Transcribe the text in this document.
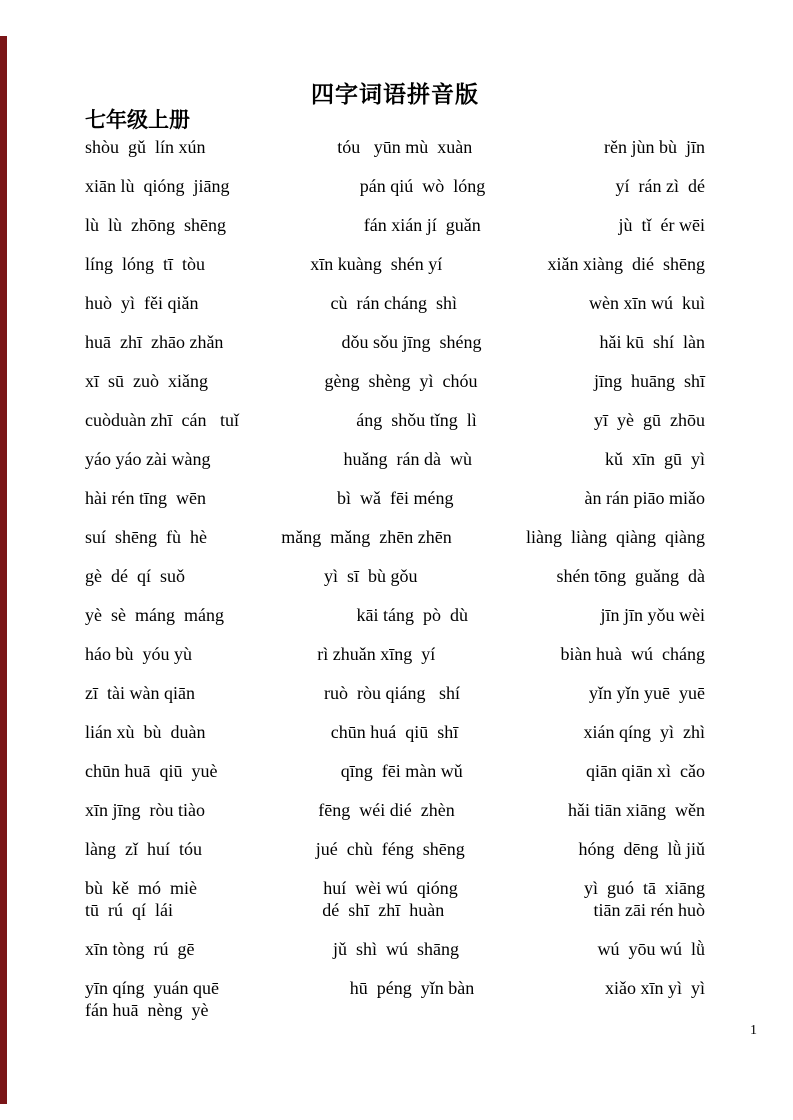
四字词语拼音版
七年级上册
shòu  gǔ  lín xún	tóu   yūn mù  xuàn	rěn jùn bù  jīn
xiān lù  qióng  jiāng	pán qiú  wò  lóng	yí  rán zì  dé
lù  lù  zhōng  shēng	fán xián jí  guǎn	jù  tǐ  ér wēi
líng  lóng  tī  tòu	xīn kuàng  shén yí	xiǎn xiàng  dié  shēng
huò  yì  fěi qiǎn	cù  rán cháng  shì	wèn xīn wú  kuì
huā  zhī  zhāo zhǎn	dǒu sǒu jīng  shéng	hǎi kū  shí  làn
xī  sū  zuò  xiǎng	gèng  shèng  yì  chóu	jīng  huāng  shī
cuòduàn zhī  cán   tuǐ	áng  shǒu tǐng  lì	yī  yè  gū  zhōu
yáo yáo zài wàng	huǎng  rán dà  wù	kǔ  xīn  gū  yì
hài rén tīng  wēn	bì  wǎ  fēi méng	àn rán piāo miǎo
suí  shēng  fù  hè	mǎng  mǎng  zhēn zhēn	liàng  liàng  qiàng  qiàng
gè  dé  qí  suǒ	yì  sī  bù gǒu	shén tōng  guǎng  dà
yè  sè  máng  máng	kāi táng  pò  dù	jīn jīn yǒu wèi
háo bù  yóu yù	rì zhuǎn xīng  yí	biàn huà  wú  cháng
zī  tài wàn qiān	ruò  ròu qiáng   shí	yǐn yǐn yuē  yuē
lián xù  bù  duàn	chūn huá  qiū  shī	xián qíng  yì  zhì
chūn huā  qiū  yuè	qīng  fēi màn wǔ	qiān qiān xì  cǎo
xīn jīng  ròu tiào	fēng  wéi dié  zhèn	hǎi tiān xiāng  wěn
làng  zǐ  huí  tóu	jué  chù  féng  shēng	hóng  dēng  lǜ jiǔ
bù  kě  mó  miè	huí  wèi wú  qióng	yì  guó  tā  xiāng
tū  rú  qí  lái	dé  shī  zhī  huàn	tiān zāi rén huò
xīn tòng  rú  gē	jǔ  shì  wú  shāng	wú  yōu wú  lǜ
yīn qíng  yuán quē	hū  péng  yǐn bàn	xiǎo xīn yì  yì
fán huā  nèng  yè
1
